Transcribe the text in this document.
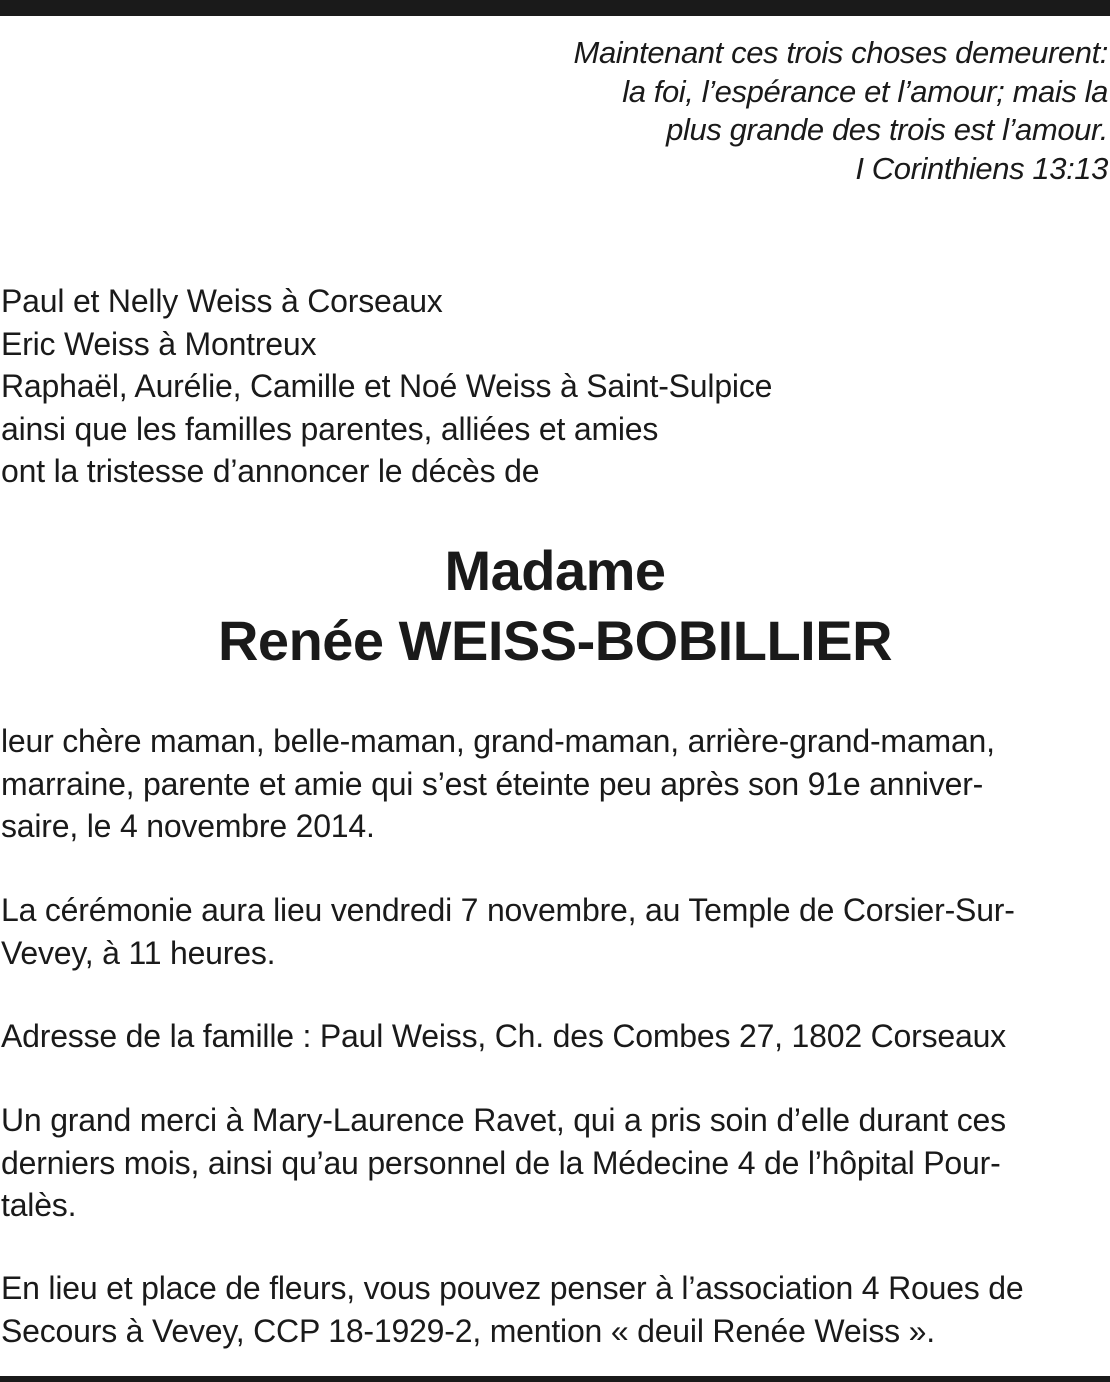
Maintenant ces trois choses demeurent:
la foi, l’espérance et l’amour; mais la
plus grande des trois est l’amour.
I Corinthiens 13:13
Paul et Nelly Weiss à Corseaux
Eric Weiss à Montreux
Raphaël, Aurélie, Camille et Noé Weiss à Saint-Sulpice
ainsi que les familles parentes, alliées et amies
ont la tristesse d’annoncer le décès de
Madame
Renée WEISS-BOBILLIER
leur chère maman, belle-maman, grand-maman, arrière-grand-maman,
marraine, parente et amie qui s’est éteinte peu après son 91e anniver-
saire, le 4 novembre 2014.
La cérémonie aura lieu vendredi 7 novembre, au Temple de Corsier-Sur-
Vevey, à 11 heures.
Adresse de la famille : Paul Weiss, Ch. des Combes 27, 1802 Corseaux
Un grand merci à Mary-Laurence Ravet, qui a pris soin d’elle durant ces
derniers mois, ainsi qu’au personnel de la Médecine 4 de l’hôpital Pour-
talès.
En lieu et place de fleurs, vous pouvez penser à l’association 4 Roues de
Secours à Vevey, CCP 18-1929-2, mention « deuil Renée Weiss ».
